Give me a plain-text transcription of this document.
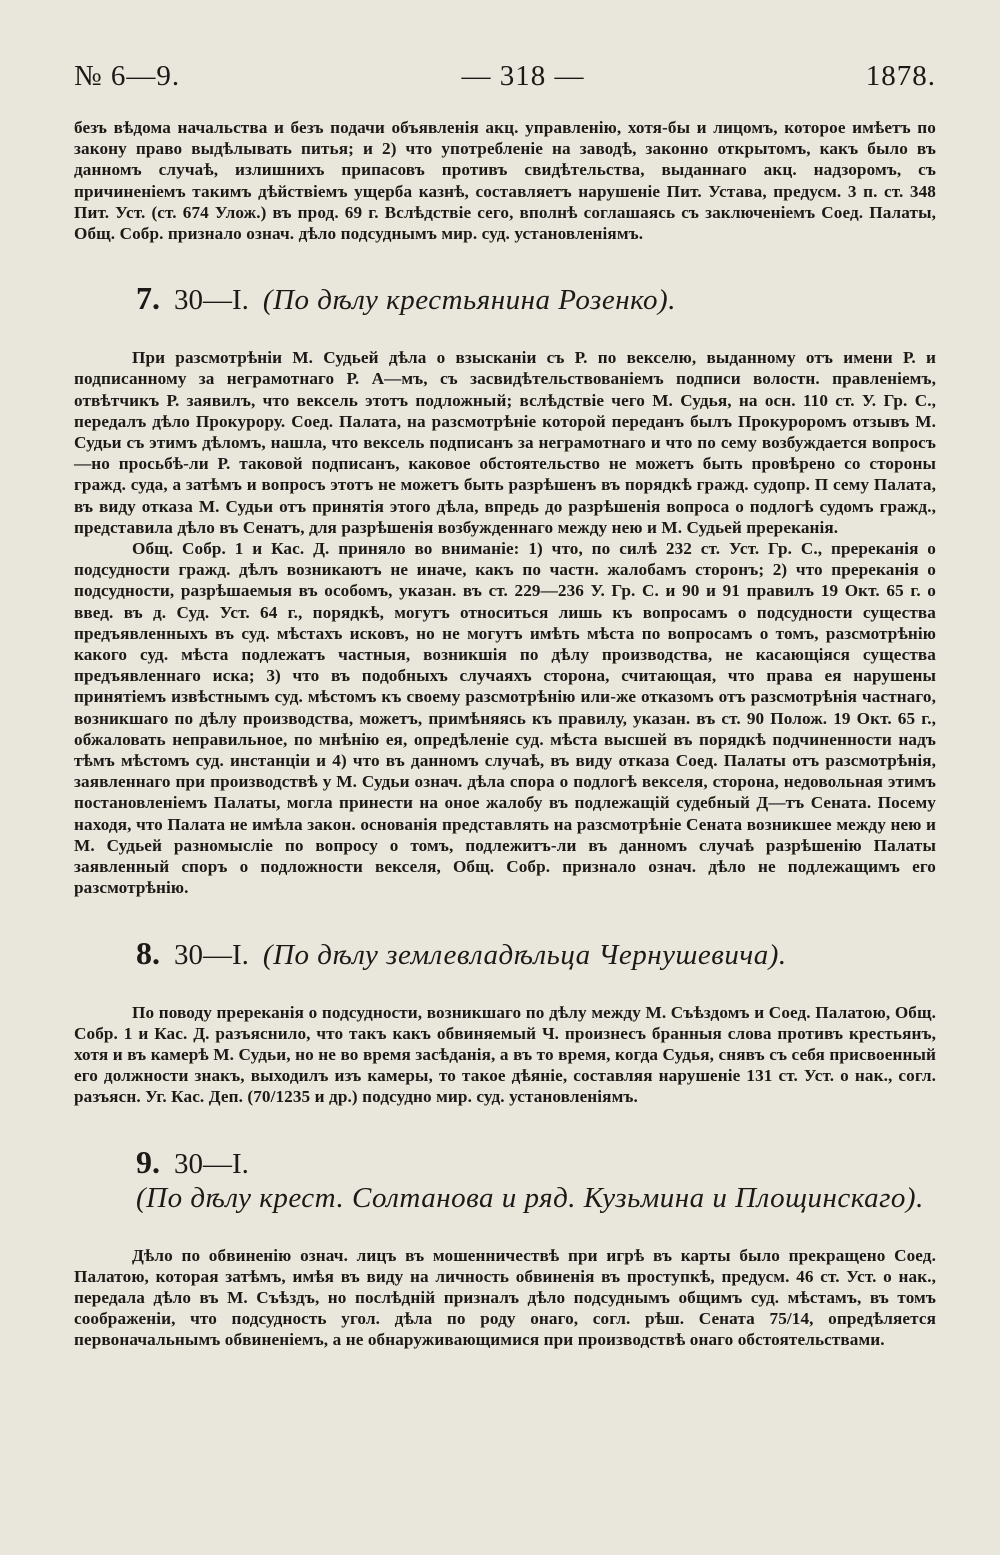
№ 6—9.	— 318 —	1878.

безъ вѣдома начальства и безъ подачи объявленія акц. управленію, хотя-бы и лицомъ, которое имѣетъ по закону право выдѣлывать питья; и 2) что употребленіе на заводѣ, законно открытомъ, какъ было въ данномъ случаѣ, излишнихъ припасовъ противъ свидѣтельства, выданнаго акц. надзоромъ, съ причиненіемъ такимъ дѣйствіемъ ущерба казнѣ, составляетъ нарушеніе Пит. Устава, предусм. 3 п. ст. 348 Пит. Уст. (ст. 674 Улож.) въ прод. 69 г. Вслѣдствіе сего, вполнѣ соглашаясь съ заключеніемъ Соед. Палаты, Общ. Собр. признало означ. дѣло подсуднымъ мир. суд. установленіямъ.

7. 30—I. (По дѣлу крестьянина Розенко).

При разсмотрѣніи М. Судьей дѣла о взысканіи съ Р. по векселю, выданному отъ имени Р. и подписанному за неграмотнаго Р. А—мъ, съ засвидѣтельствованіемъ подписи волостн. правленіемъ, отвѣтчикъ Р. заявилъ, что вексель этотъ подложный; вслѣдствіе чего М. Судья, на осн. 110 ст. У. Гр. С., передалъ дѣло Прокурору. Соед. Палата, на разсмотрѣніе которой переданъ былъ Прокуроромъ отзывъ М. Судьи съ этимъ дѣломъ, нашла, что вексель подписанъ за неграмотнаго и что по сему возбуждается вопросъ—но просьбѣ-ли Р. таковой подписанъ, каковое обстоятельство не можетъ быть провѣрено со стороны гражд. суда, а затѣмъ и вопросъ этотъ не можетъ быть разрѣшенъ въ порядкѣ гражд. судопр. П сему Палата, въ виду отказа М. Судьи отъ принятія этого дѣла, впредь до разрѣшенія вопроса о подлогѣ судомъ гражд., представила дѣло въ Сенатъ, для разрѣшенія возбужденнаго между нею и М. Судьей пререканія.

Общ. Собр. 1 и Кас. Д. приняло во вниманіе: 1) что, по силѣ 232 ст. Уст. Гр. С., пререканія о подсудности гражд. дѣлъ возникаютъ не иначе, какъ по частн. жалобамъ сторонъ; 2) что пререканія о подсудности, разрѣшаемыя въ особомъ, указан. въ ст. 229—236 У. Гр. С. и 90 и 91 правилъ 19 Окт. 65 г. о введ. въ д. Суд. Уст. 64 г., порядкѣ, могутъ относиться лишь къ вопросамъ о подсудности существа предъявленныхъ въ суд. мѣстахъ исковъ, но не могутъ имѣть мѣста по вопросамъ о томъ, разсмотрѣнію какого суд. мѣста подлежатъ частныя, возникшія по дѣлу производства, не касающіяся существа предъявленнаго иска; 3) что въ подобныхъ случаяхъ сторона, считающая, что права ея нарушены принятіемъ извѣстнымъ суд. мѣстомъ къ своему разсмотрѣнію или-же отказомъ отъ разсмотрѣнія частнаго, возникшаго по дѣлу производства, можетъ, примѣняясь къ правилу, указан. въ ст. 90 Полож. 19 Окт. 65 г., обжаловать неправильное, по мнѣнію ея, опредѣленіе суд. мѣста высшей въ порядкѣ подчиненности надъ тѣмъ мѣстомъ суд. инстанціи и 4) что въ данномъ случаѣ, въ виду отказа Соед. Палаты отъ разсмотрѣнія, заявленнаго при производствѣ у М. Судьи означ. дѣла спора о подлогѣ векселя, сторона, недовольная этимъ постановленіемъ Палаты, могла принести на оное жалобу въ подлежащій судебный Д—тъ Сената. Посему находя, что Палата не имѣла закон. основанія представлять на разсмотрѣніе Сената возникшее между нею и М. Судьей разномысліе по вопросу о томъ, подлежитъ-ли въ данномъ случаѣ разрѣшенію Палаты заявленный споръ о подложности векселя, Общ. Собр. признало означ. дѣло не подлежащимъ его разсмотрѣнію.

8. 30—I. (По дѣлу землевладѣльца Чернушевича).

По поводу пререканія о подсудности, возникшаго по дѣлу между М. Съѣздомъ и Соед. Палатою, Общ. Собр. 1 и Кас. Д. разъяснило, что такъ какъ обвиняемый Ч. произнесъ бранныя слова противъ крестьянъ, хотя и въ камерѣ М. Судьи, но не во время засѣданія, а въ то время, когда Судья, снявъ съ себя присвоенный его должности знакъ, выходилъ изъ камеры, то такое дѣяніе, составляя нарушеніе 131 ст. Уст. о нак., согл. разъясн. Уг. Кас. Деп. (70/1235 и др.) подсудно мир. суд. установленіямъ.

9. 30—I.
(По дѣлу крест. Солтанова и ряд. Кузьмина и Площинскаго).

Дѣло по обвиненію означ. лицъ въ мошенничествѣ при игрѣ въ карты было прекращено Соед. Палатою, которая затѣмъ, имѣя въ виду на личность обвиненія въ проступкѣ, предусм. 46 ст. Уст. о нак., передала дѣло въ М. Съѣздъ, но послѣдній призналъ дѣло подсуднымъ общимъ суд. мѣстамъ, въ томъ соображеніи, что подсудность угол. дѣла по роду онаго, согл. рѣш. Сената 75/14, опредѣляется первоначальнымъ обвиненіемъ, а не обнаруживающимися при производствѣ онаго обстоятельствами.
